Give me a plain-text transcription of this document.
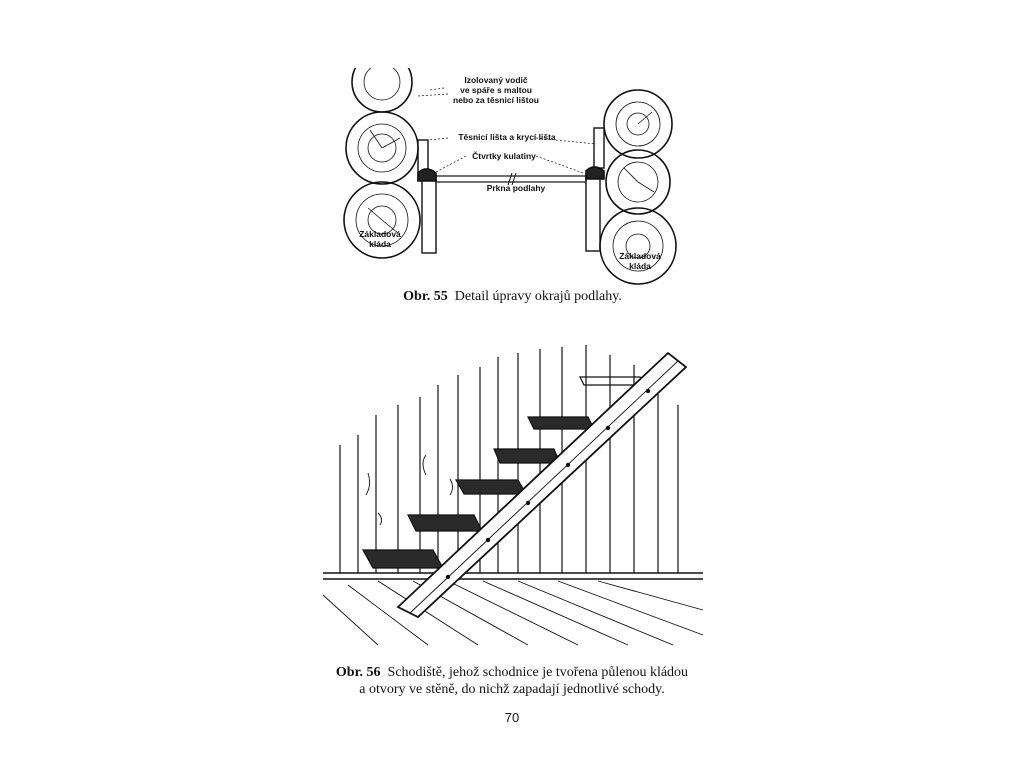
Izolovaný vodič
ve spáře s maltou
nebo za těsnicí lištou
Těsnicí lišta a krycí lišta
Čtvrtky kulatiny
Prkna podlahy
Základová
kláda
Základová
kláda
Obr. 55 Detail úpravy okrajů podlahy.
Obr. 56 Schodiště, jehož schodnice je tvořena půlenou kládou
a otvory ve stěně, do nichž zapadají jednotlivé schody.
70
